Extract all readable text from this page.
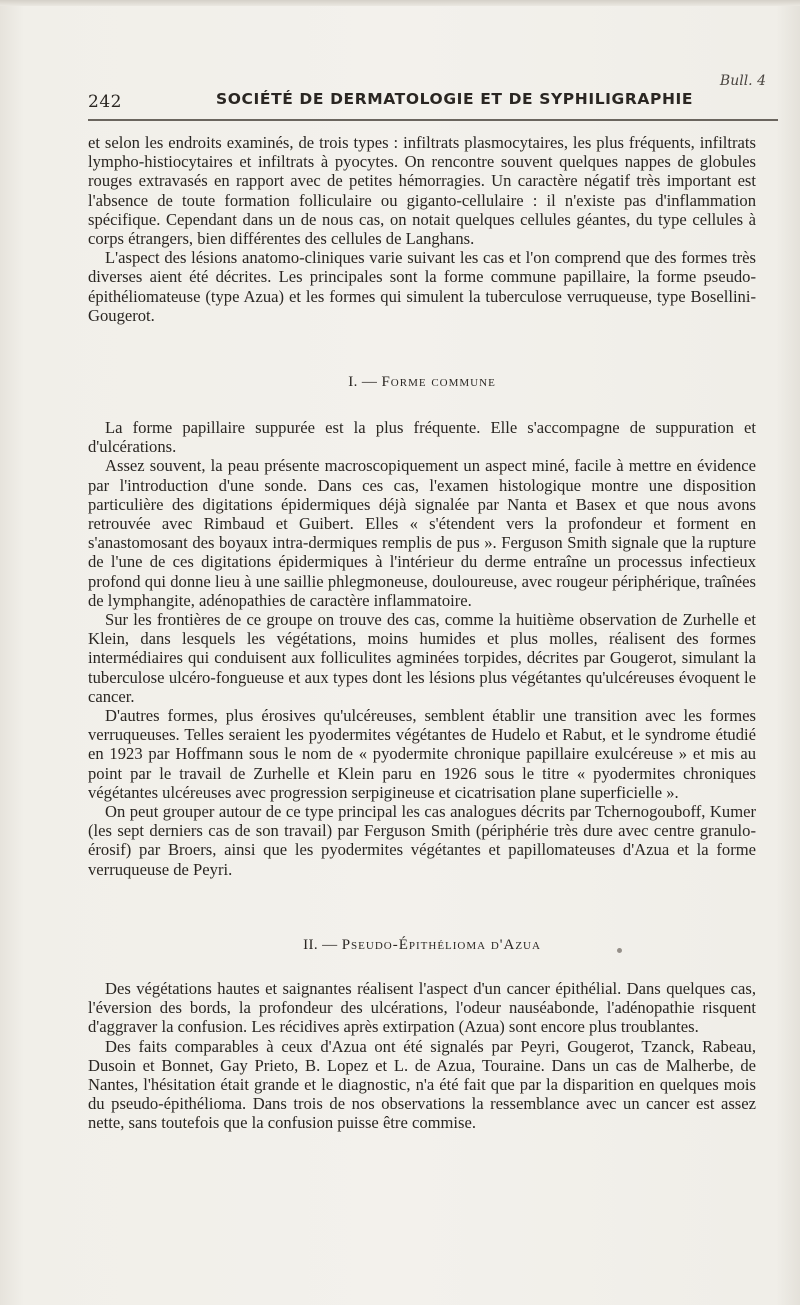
Bull. 4
242	SOCIÉTÉ DE DERMATOLOGIE ET DE SYPHILIGRAPHIE

et selon les endroits examinés, de trois types : infiltrats plasmocytaires, les plus fréquents, infiltrats lympho-histiocytaires et infiltrats à pyocytes. On rencontre souvent quelques nappes de globules rouges extravasés en rapport avec de petites hémorragies. Un caractère négatif très important est l'absence de toute formation folliculaire ou giganto-cellulaire : il n'existe pas d'inflammation spécifique. Cependant dans un de nous cas, on notait quelques cellules géantes, du type cellules à corps étrangers, bien différentes des cellules de Langhans.

L'aspect des lésions anatomo-cliniques varie suivant les cas et l'on comprend que des formes très diverses aient été décrites. Les principales sont la forme commune papillaire, la forme pseudo-épithéliomateuse (type Azua) et les formes qui simulent la tuberculose verruqueuse, type Bosellini-Gougerot.

I. — Forme commune

La forme papillaire suppurée est la plus fréquente. Elle s'accompagne de suppuration et d'ulcérations.

Assez souvent, la peau présente macroscopiquement un aspect miné, facile à mettre en évidence par l'introduction d'une sonde. Dans ces cas, l'examen histologique montre une disposition particulière des digitations épidermiques déjà signalée par Nanta et Basex et que nous avons retrouvée avec Rimbaud et Guibert. Elles « s'étendent vers la profondeur et forment en s'anastomosant des boyaux intra-dermiques remplis de pus ». Ferguson Smith signale que la rupture de l'une de ces digitations épidermiques à l'intérieur du derme entraîne un processus infectieux profond qui donne lieu à une saillie phlegmoneuse, douloureuse, avec rougeur périphérique, traînées de lymphangite, adénopathies de caractère inflammatoire.

Sur les frontières de ce groupe on trouve des cas, comme la huitième observation de Zurhelle et Klein, dans lesquels les végétations, moins humides et plus molles, réalisent des formes intermédiaires qui conduisent aux folliculites agminées torpides, décrites par Gougerot, simulant la tuberculose ulcéro-fongueuse et aux types dont les lésions plus végétantes qu'ulcéreuses évoquent le cancer.

D'autres formes, plus érosives qu'ulcéreuses, semblent établir une transition avec les formes verruqueuses. Telles seraient les pyodermites végétantes de Hudelo et Rabut, et le syndrome étudié en 1923 par Hoffmann sous le nom de « pyodermite chronique papillaire exulcéreuse » et mis au point par le travail de Zurhelle et Klein paru en 1926 sous le titre « pyodermites chroniques végétantes ulcéreuses avec progression serpigineuse et cicatrisation plane superficielle ».

On peut grouper autour de ce type principal les cas analogues décrits par Tchernogouboff, Kumer (les sept derniers cas de son travail) par Ferguson Smith (périphérie très dure avec centre granulo-érosif) par Broers, ainsi que les pyodermites végétantes et papillomateuses d'Azua et la forme verruqueuse de Peyri.

II. — Pseudo-Épithélioma d'Azua

Des végétations hautes et saignantes réalisent l'aspect d'un cancer épithélial. Dans quelques cas, l'éversion des bords, la profondeur des ulcérations, l'odeur nauséabonde, l'adénopathie risquent d'aggraver la confusion. Les récidives après extirpation (Azua) sont encore plus troublantes.

Des faits comparables à ceux d'Azua ont été signalés par Peyri, Gougerot, Tzanck, Rabeau, Dusoin et Bonnet, Gay Prieto, B. Lopez et L. de Azua, Touraine. Dans un cas de Malherbe, de Nantes, l'hésitation était grande et le diagnostic, n'a été fait que par la disparition en quelques mois du pseudo-épithélioma. Dans trois de nos observations la ressemblance avec un cancer est assez nette, sans toutefois que la confusion puisse être commise.
